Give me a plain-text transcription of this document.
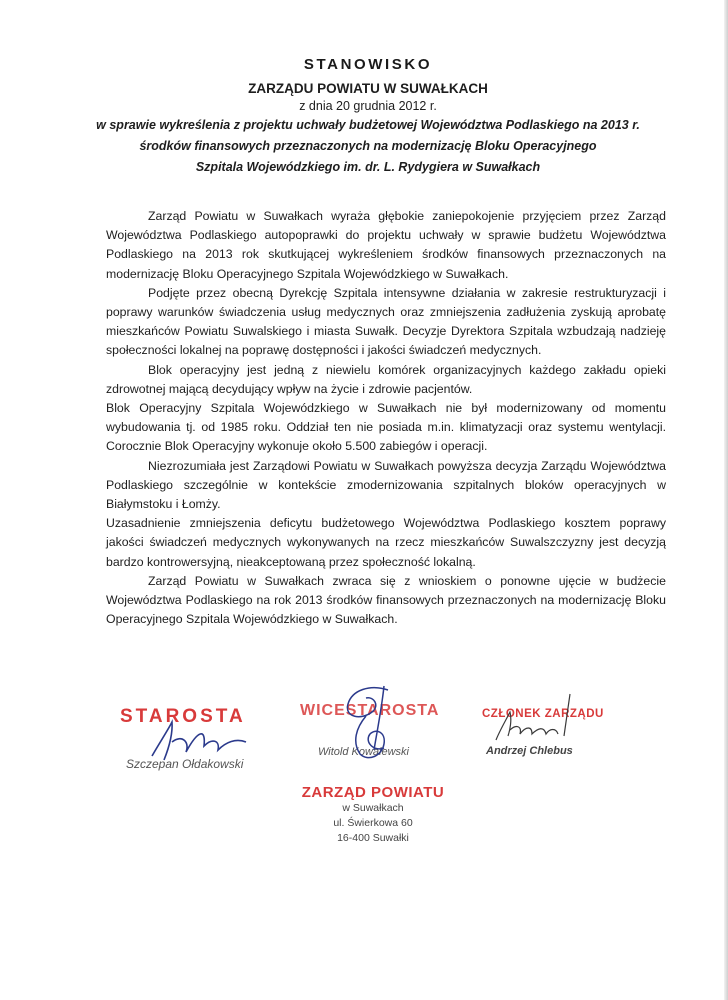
STANOWISKO
ZARZĄDU POWIATU W SUWAŁKACH
z dnia 20 grudnia 2012 r.
w sprawie wykreślenia z projektu uchwały budżetowej Województwa Podlaskiego na 2013 r.
środków finansowych przeznaczonych na modernizację Bloku Operacyjnego
Szpitala Wojewódzkiego im. dr. L. Rydygiera w Suwałkach

Zarząd Powiatu w Suwałkach wyraża głębokie zaniepokojenie przyjęciem przez Zarząd Województwa Podlaskiego autopoprawki do projektu uchwały w sprawie budżetu Województwa Podlaskiego na 2013 rok skutkującej wykreśleniem środków finansowych przeznaczonych na modernizację Bloku Operacyjnego Szpitala Wojewódzkiego w Suwałkach.

Podjęte przez obecną Dyrekcję Szpitala intensywne działania w zakresie restrukturyzacji i poprawy warunków świadczenia usług medycznych oraz zmniejszenia zadłużenia zyskują aprobatę mieszkańców Powiatu Suwalskiego i miasta Suwałk. Decyzje Dyrektora Szpitala wzbudzają nadzieję społeczności lokalnej na poprawę dostępności i jakości świadczeń medycznych.

Blok operacyjny jest jedną z niewielu komórek organizacyjnych każdego zakładu opieki zdrowotnej mającą decydujący wpływ na życie i zdrowie pacjentów.

Blok Operacyjny Szpitala Wojewódzkiego w Suwałkach nie był modernizowany od momentu wybudowania tj. od 1985 roku. Oddział ten nie posiada m.in. klimatyzacji oraz systemu wentylacji. Corocznie Blok Operacyjny wykonuje około 5.500 zabiegów i operacji.

Niezrozumiała jest Zarządowi Powiatu w Suwałkach powyższa decyzja Zarządu Województwa Podlaskiego szczególnie w kontekście zmodernizowania szpitalnych bloków operacyjnych w Białymstoku i Łomży.

Uzasadnienie zmniejszenia deficytu budżetowego Województwa Podlaskiego kosztem poprawy jakości świadczeń medycznych wykonywanych na rzecz mieszkańców Suwalszczyzny jest decyzją bardzo kontrowersyjną, nieakceptowaną przez społeczność lokalną.

Zarząd Powiatu w Suwałkach zwraca się z wnioskiem o ponowne ujęcie w budżecie Województwa Podlaskiego na rok 2013 środków finansowych przeznaczonych na modernizację Bloku Operacyjnego Szpitala Wojewódzkiego w Suwałkach.

STAROSTA
Szczepan Ołdakowski
WICESTAROSTA
Witold Kowalewski
CZŁONEK ZARZĄDU
Andrzej Chlebus
ZARZĄD POWIATU
w Suwałkach
ul. Świerkowa 60
16-400 Suwałki
